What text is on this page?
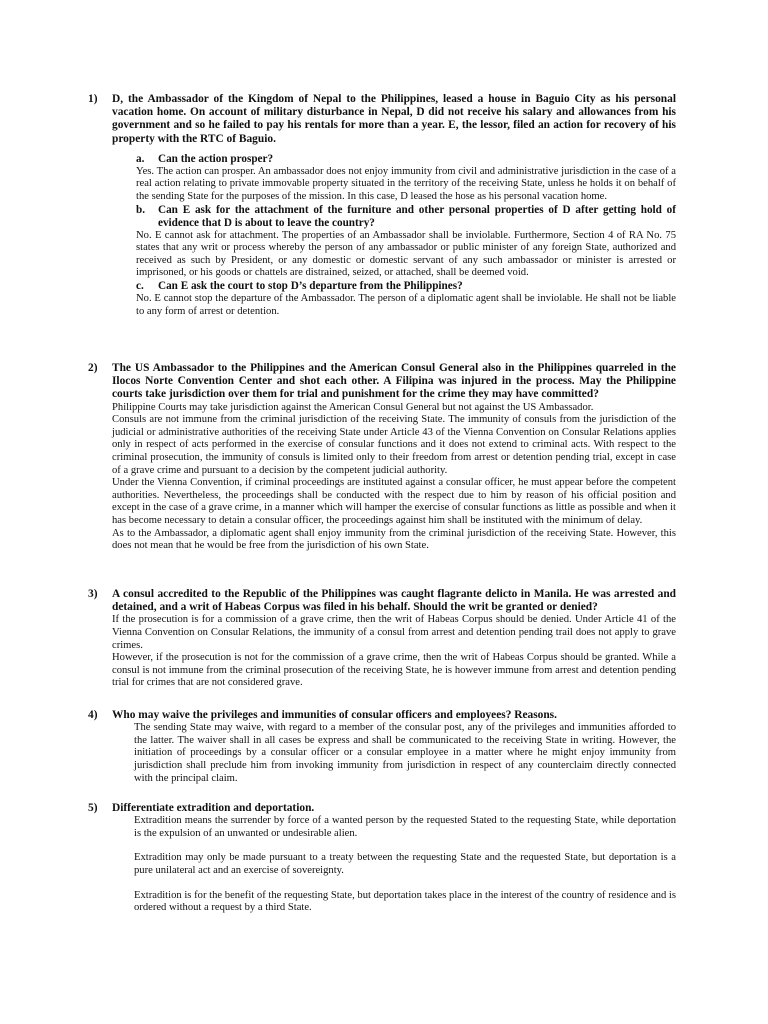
1) D, the Ambassador of the Kingdom of Nepal to the Philippines, leased a house in Baguio City as his personal vacation home. On account of military disturbance in Nepal, D did not receive his salary and allowances from his government and so he failed to pay his rentals for more than a year. E, the lessor, filed an action for recovery of his property with the RTC of Baguio.
a. Can the action prosper?

Yes. The action can prosper. An ambassador does not enjoy immunity from civil and administrative jurisdiction in the case of a real action relating to private immovable property situated in the territory of the receiving State, unless he holds it on behalf of the sending State for the purposes of the mission. In this case, D leased the hose as his personal vacation home.

b. Can E ask for the attachment of the furniture and other personal properties of D after getting hold of evidence that D is about to leave the country?

No. E cannot ask for attachment. The properties of an Ambassador shall be inviolable. Furthermore, Section 4 of RA No. 75 states that any writ or process whereby the person of any ambassador or public minister of any foreign State, authorized and received as such by President, or any domestic or domestic servant of any such ambassador or minister is arrested or imprisoned, or his goods or chattels are distrained, seized, or attached, shall be deemed void.

c. Can E ask the court to stop D’s departure from the Philippines?

No. E cannot stop the departure of the Ambassador. The person of a diplomatic agent shall be inviolable. He shall not be liable to any form of arrest or detention.

2) The US Ambassador to the Philippines and the American Consul General also in the Philippines quarreled in the Ilocos Norte Convention Center and shot each other. A Filipina was injured in the process. May the Philippine courts take jurisdiction over them for trial and punishment for the crime they may have committed?

Philippine Courts may take jurisdiction against the American Consul General but not against the US Ambassador.

Consuls are not immune from the criminal jurisdiction of the receiving State. The immunity of consuls from the jurisdiction of the judicial or administrative authorities of the receiving State under Article 43 of the Vienna Convention on Consular Relations applies only in respect of acts performed in the exercise of consular functions and it does not extend to criminal acts. With respect to the criminal prosecution, the immunity of consuls is limited only to their freedom from arrest or detention pending trial, except in case of a grave crime and pursuant to a decision by the competent judicial authority.

Under the Vienna Convention, if criminal proceedings are instituted against a consular officer, he must appear before the competent authorities. Nevertheless, the proceedings shall be conducted with the respect due to him by reason of his official position and except in the case of a grave crime, in a manner which will hamper the exercise of consular functions as little as possible and when it has become necessary to detain a consular officer, the proceedings against him shall be instituted with the minimum of delay.

As to the Ambassador, a diplomatic agent shall enjoy immunity from the criminal jurisdiction of the receiving State. However, this does not mean that he would be free from the jurisdiction of his own State.

3) A consul accredited to the Republic of the Philippines was caught flagrante delicto in Manila. He was arrested and detained, and a writ of Habeas Corpus was filed in his behalf. Should the writ be granted or denied?

If the prosecution is for a commission of a grave crime, then the writ of Habeas Corpus should be denied. Under Article 41 of the Vienna Convention on Consular Relations, the immunity of a consul from arrest and detention pending trail does not apply to grave crimes.

However, if the prosecution is not for the commission of a grave crime, then the writ of Habeas Corpus should be granted. While a consul is not immune from the criminal prosecution of the receiving State, he is however immune from arrest and detention pending trial for crimes that are not considered grave.

4) Who may waive the privileges and immunities of consular officers and employees? Reasons.

The sending State may waive, with regard to a member of the consular post, any of the privileges and immunities afforded to the latter. The waiver shall in all cases be express and shall be communicated to the receiving State in writing. However, the initiation of proceedings by a consular officer or a consular employee in a matter where he might enjoy immunity from jurisdiction shall preclude him from invoking immunity from jurisdiction in respect of any counterclaim directly connected with the principal claim.

5) Differentiate extradition and deportation.

Extradition means the surrender by force of a wanted person by the requested Stated to the requesting State, while deportation is the expulsion of an unwanted or undesirable alien.

Extradition may only be made pursuant to a treaty between the requesting State and the requested State, but deportation is a pure unilateral act and an exercise of sovereignty.

Extradition is for the benefit of the requesting State, but deportation takes place in the interest of the country of residence and is ordered without a request by a third State.
